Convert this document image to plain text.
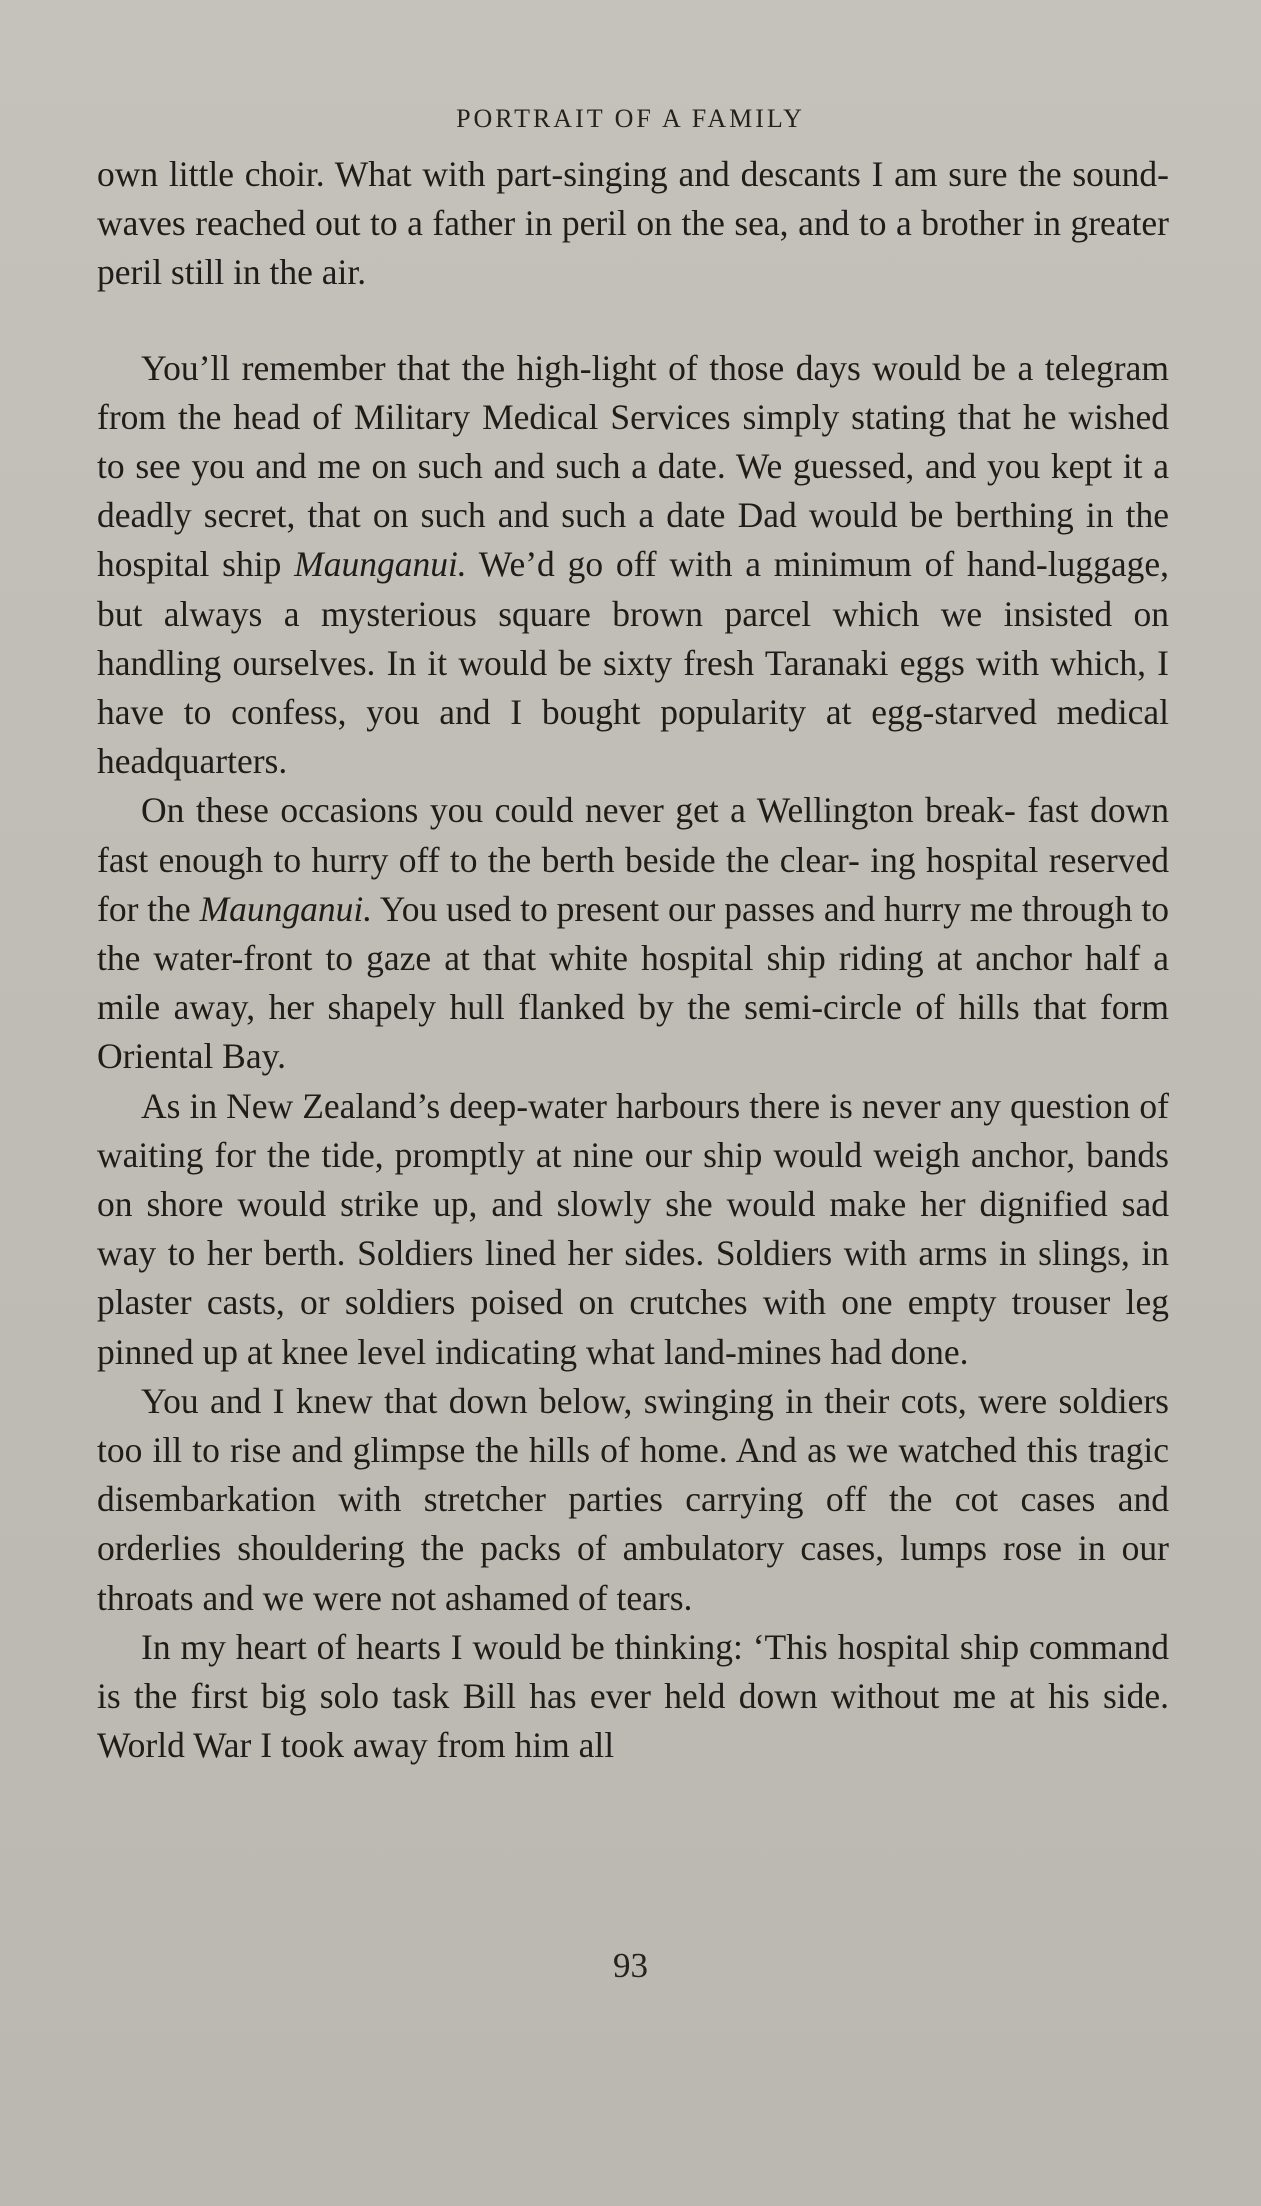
PORTRAIT OF A FAMILY

own little choir. What with part-singing and descants I am sure the sound-waves reached out to a father in peril on the sea, and to a brother in greater peril still in the air.

You’ll remember that the high-light of those days would be a telegram from the head of Military Medical Services simply stating that he wished to see you and me on such and such a date. We guessed, and you kept it a deadly secret, that on such and such a date Dad would be berthing in the hospital ship Maunganui. We’d go off with a minimum of hand-luggage, but always a mysterious square brown parcel which we insisted on handling ourselves. In it would be sixty fresh Taranaki eggs with which, I have to confess, you and I bought popularity at egg-starved medical headquarters.

On these occasions you could never get a Wellington break- fast down fast enough to hurry off to the berth beside the clear- ing hospital reserved for the Maunganui. You used to present our passes and hurry me through to the water-front to gaze at that white hospital ship riding at anchor half a mile away, her shapely hull flanked by the semi-circle of hills that form Oriental Bay.

As in New Zealand’s deep-water harbours there is never any question of waiting for the tide, promptly at nine our ship would weigh anchor, bands on shore would strike up, and slowly she would make her dignified sad way to her berth. Soldiers lined her sides. Soldiers with arms in slings, in plaster casts, or soldiers poised on crutches with one empty trouser leg pinned up at knee level indicating what land-mines had done.

You and I knew that down below, swinging in their cots, were soldiers too ill to rise and glimpse the hills of home. And as we watched this tragic disembarkation with stretcher parties carrying off the cot cases and orderlies shouldering the packs of ambulatory cases, lumps rose in our throats and we were not ashamed of tears.

In my heart of hearts I would be thinking: ‘This hospital ship command is the first big solo task Bill has ever held down without me at his side. World War I took away from him all

93
